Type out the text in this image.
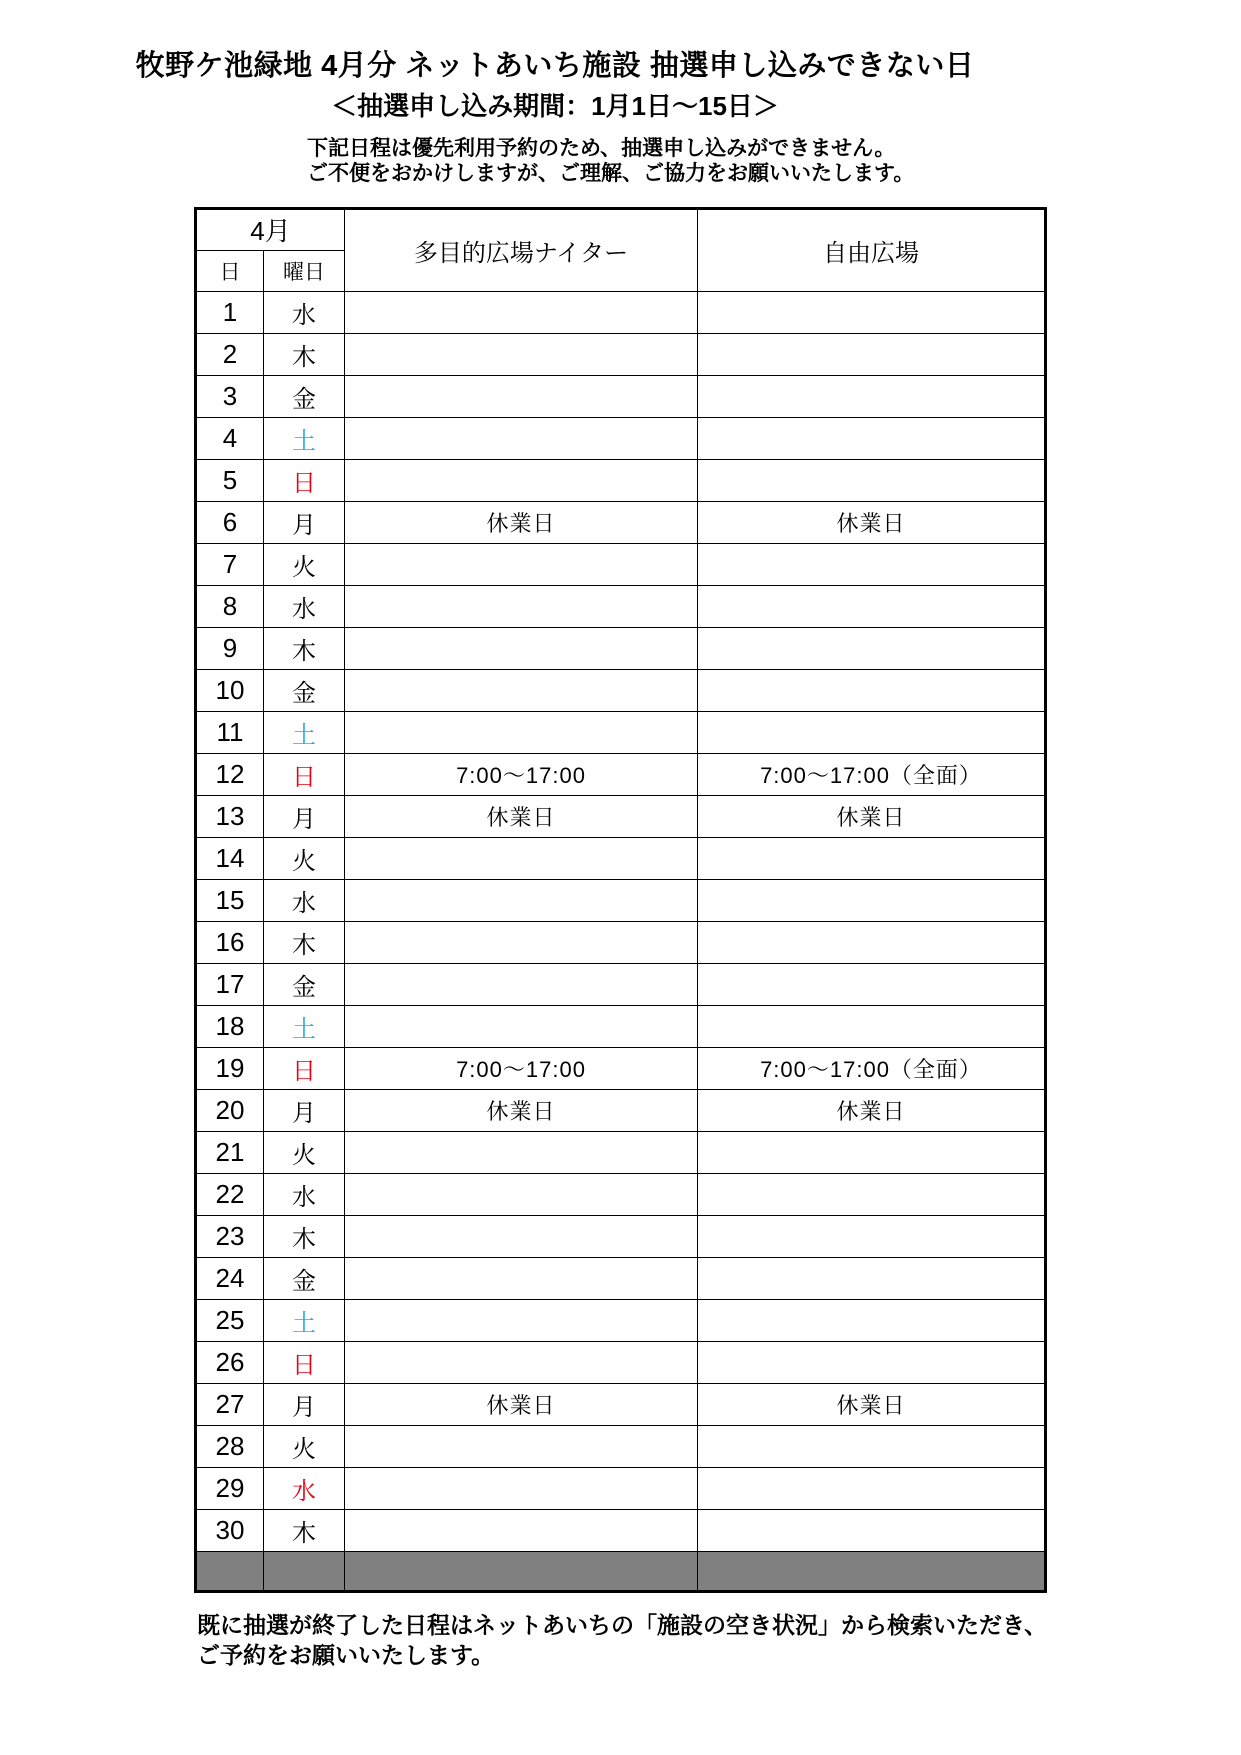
牧野ケ池緑地 4月分 ネットあいち施設 抽選申し込みできない日
＜抽選申し込み期間：1月1日～15日＞
下記日程は優先利用予約のため、抽選申し込みができません。
ご不便をおかけしますが、ご理解、ご協力をお願いいたします。
4月		多目的広場ナイター	自由広場
日	曜日		
1	水		
2	木		
3	金		
4	土		
5	日		
6	月	休業日	休業日
7	火		
8	水		
9	木		
10	金		
11	土		
12	日	7:00～17:00	7:00～17:00（全面）
13	月	休業日	休業日
14	火		
15	水		
16	木		
17	金		
18	土		
19	日	7:00～17:00	7:00～17:00（全面）
20	月	休業日	休業日
21	火		
22	水		
23	木		
24	金		
25	土		
26	日		
27	月	休業日	休業日
28	火		
29	水		
30	木		

既に抽選が終了した日程はネットあいちの「施設の空き状況」から検索いただき、
ご予約をお願いいたします。
